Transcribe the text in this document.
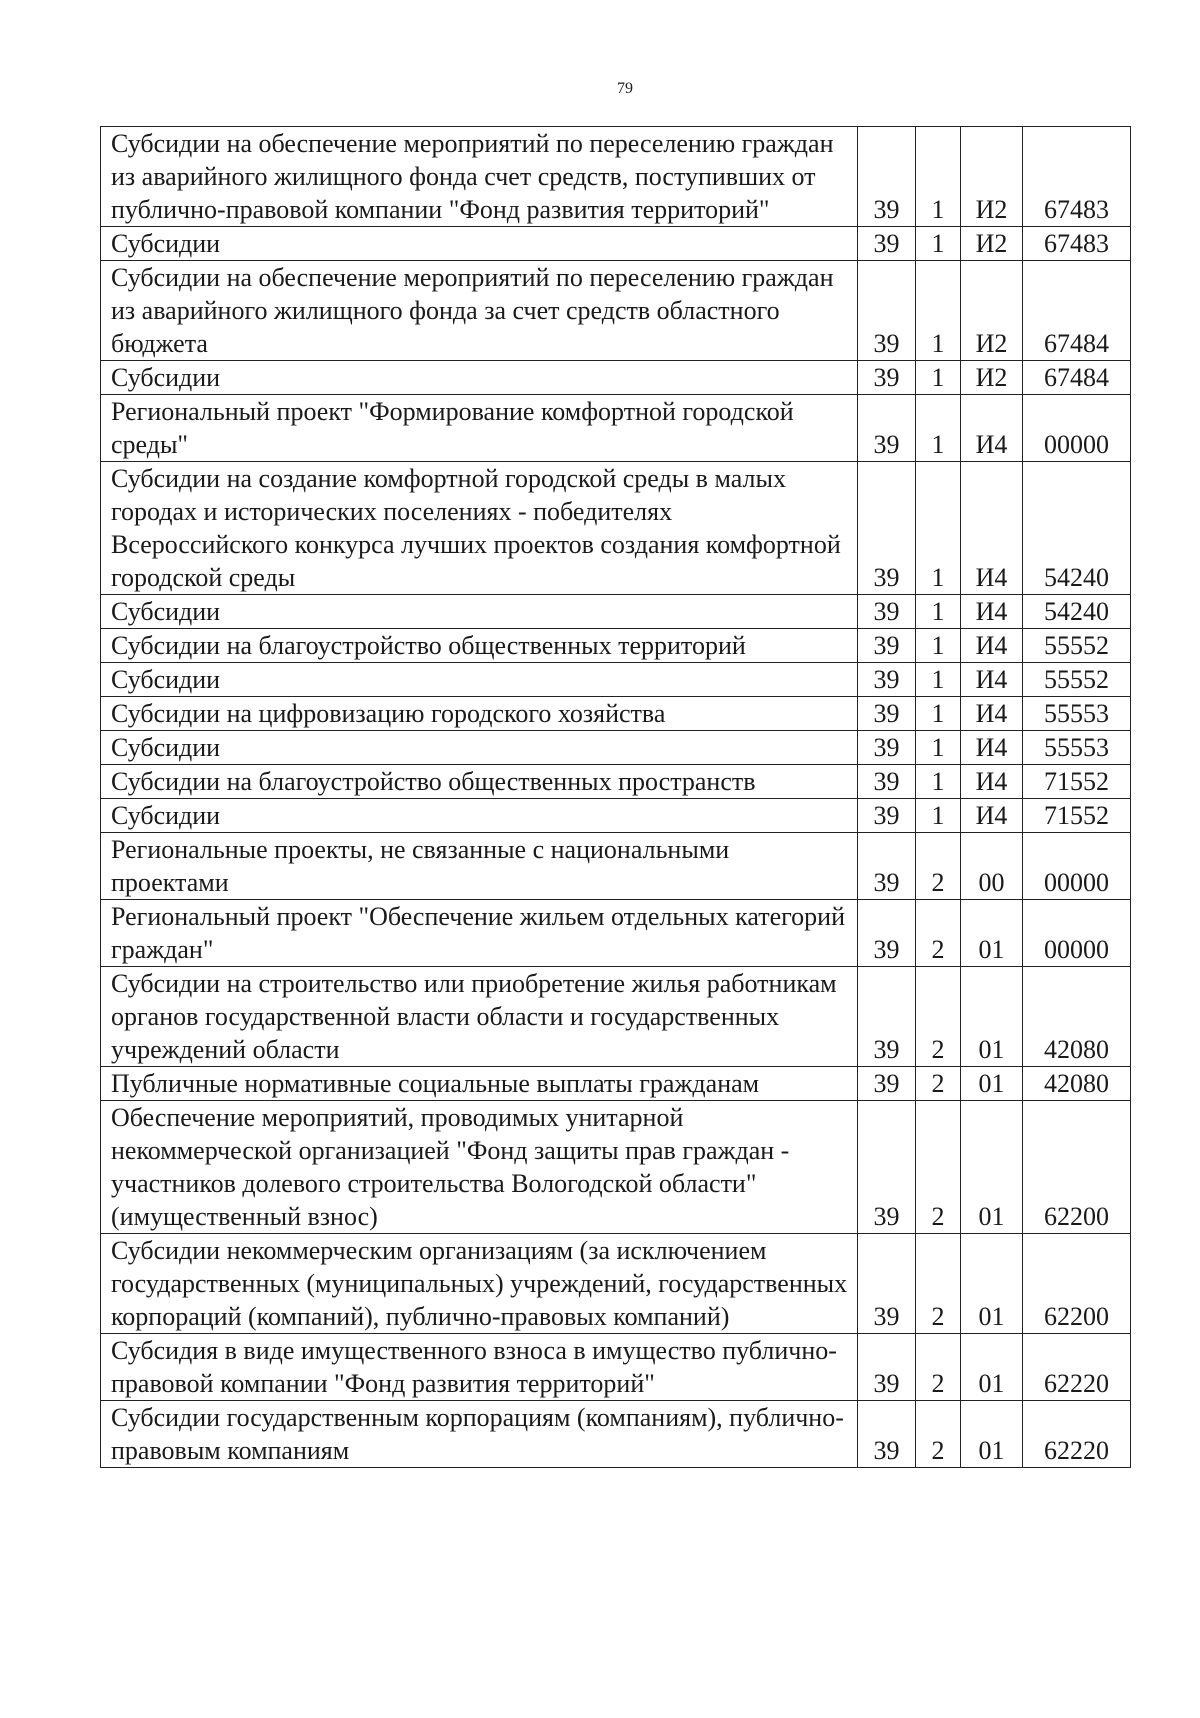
79
Субсидии на обеспечение мероприятий по переселению граждан из аварийного жилищного фонда счет средств, поступивших от публично-правовой компании "Фонд развития территорий"	39	1	И2	67483
Субсидии	39	1	И2	67483
Субсидии на обеспечение мероприятий по переселению граждан из аварийного жилищного фонда за счет средств областного бюджета	39	1	И2	67484
Субсидии	39	1	И2	67484
Региональный проект "Формирование комфортной городской среды"	39	1	И4	00000
Субсидии на создание комфортной городской среды в малых городах и исторических поселениях - победителях Всероссийского конкурса лучших проектов создания комфортной городской среды	39	1	И4	54240
Субсидии	39	1	И4	54240
Субсидии на благоустройство общественных территорий	39	1	И4	55552
Субсидии	39	1	И4	55552
Субсидии на цифровизацию городского хозяйства	39	1	И4	55553
Субсидии	39	1	И4	55553
Субсидии на благоустройство общественных пространств	39	1	И4	71552
Субсидии	39	1	И4	71552
Региональные проекты, не связанные с национальными проектами	39	2	00	00000
Региональный проект "Обеспечение жильем отдельных категорий граждан"	39	2	01	00000
Субсидии на строительство или приобретение жилья работникам органов государственной власти области и государственных учреждений области	39	2	01	42080
Публичные нормативные социальные выплаты гражданам	39	2	01	42080
Обеспечение мероприятий, проводимых унитарной некоммерческой организацией "Фонд защиты прав граждан - участников долевого строительства Вологодской области" (имущественный взнос)	39	2	01	62200
Субсидии некоммерческим организациям (за исключением государственных (муниципальных) учреждений, государственных корпораций (компаний), публично-правовых компаний)	39	2	01	62200
Субсидия в виде имущественного взноса в имущество публично-правовой компании "Фонд развития территорий"	39	2	01	62220
Субсидии государственным корпорациям (компаниям), публично-правовым компаниям	39	2	01	62220
